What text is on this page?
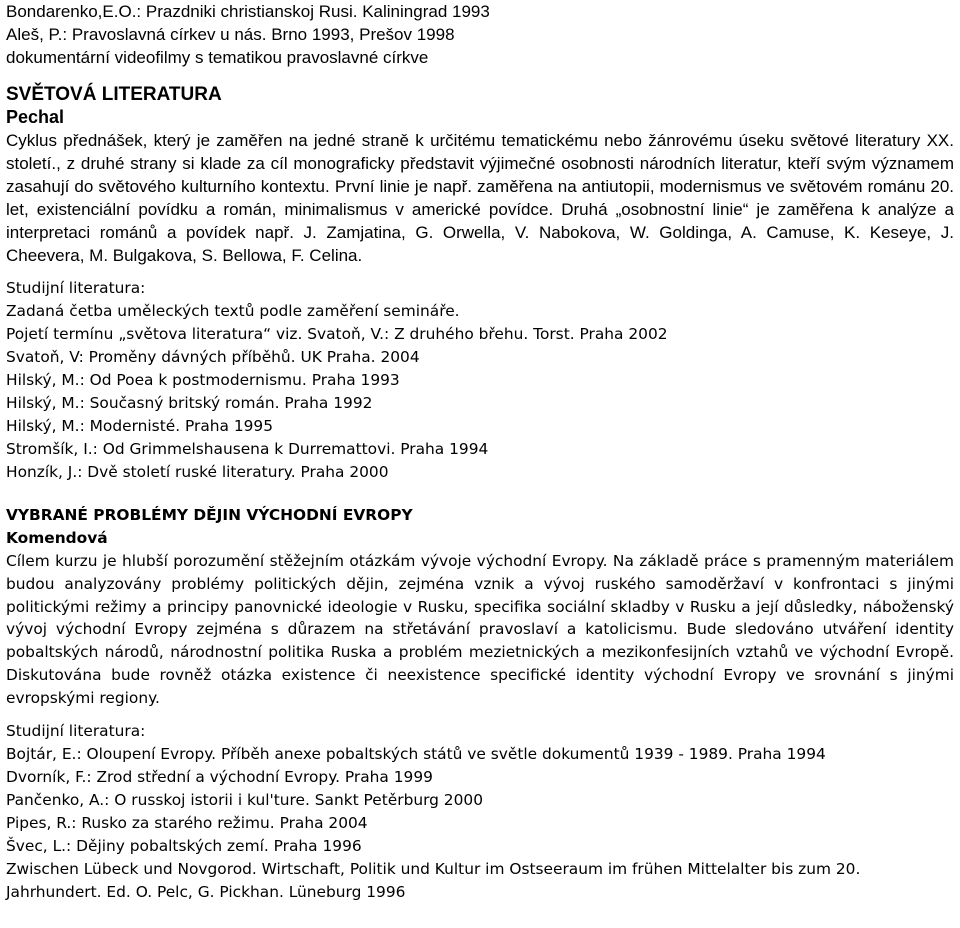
Bondarenko,E.O.: Prazdniki christianskoj Rusi. Kaliningrad 1993

Aleš, P.: Pravoslavná církev u nás. Brno 1993, Prešov 1998

dokumentární videofilmy s tematikou pravoslavné církve

SVĚTOVÁ LITERATURA
Pechal

Cyklus přednášek, který je zaměřen na jedné straně k určitému tematickému nebo žánrovému úseku světové literatury XX. století., z druhé strany si klade za cíl monograficky představit výjimečné osobnosti národních literatur, kteří svým významem zasahují do světového kulturního kontextu. První linie je např. zaměřena na antiutopii, modernismus ve světovém románu 20. let, existenciální povídku a román, minimalismus v americké povídce. Druhá „osobnostní linie“ je zaměřena k analýze a interpretaci románů a povídek např. J. Zamjatina, G. Orwella, V. Nabokova, W. Goldinga, A. Camuse, K. Keseye, J. Cheevera, M. Bulgakova, S. Bellowa, F. Celina.

Studijní literatura:

Zadaná četba uměleckých textů podle zaměření semináře.
Pojetí termínu „světova literatura“ viz. Svatoň, V.: Z druhého břehu. Torst. Praha 2002
Svatoň, V: Proměny dávných příběhů. UK Praha. 2004
Hilský, M.: Od Poea k postmodernismu. Praha 1993
Hilský, M.: Současný britský román. Praha 1992
Hilský, M.: Modernisté. Praha 1995
Stromšík, I.: Od Grimmelshausena k Durremattovi. Praha 1994
Honzík, J.: Dvě století ruské literatury. Praha 2000
VYBRANÉ PROBLÉMY DĚJIN VÝCHODNÍ EVROPY
Komendová

Cílem kurzu je hlubší porozumění stěžejním otázkám vývoje východní Evropy. Na základě práce s pramenným materiálem budou analyzovány problémy politických dějin, zejména vznik a vývoj ruského samoděržaví v konfrontaci s jinými politickými režimy a principy panovnické ideologie v Rusku, specifika sociální skladby v Rusku a její důsledky, náboženský vývoj východní Evropy zejména s důrazem na střetávání pravoslaví a katolicismu. Bude sledováno utváření identity pobaltských národů, národnostní politika Ruska a problém mezietnických a mezikonfesijních vztahů ve východní Evropě. Diskutována bude rovněž otázka existence či neexistence specifické identity východní Evropy ve srovnání s jinými evropskými regiony.

Studijní literatura:

Bojtár, E.: Oloupení Evropy. Příběh anexe pobaltských států ve světle dokumentů 1939 - 1989. Praha 1994
Dvorník, F.: Zrod střední a východní Evropy. Praha 1999
Pančenko, A.: O russkoj istorii i kul'ture. Sankt Petěrburg 2000
Pipes, R.: Rusko za starého režimu. Praha 2004
Švec, L.: Dějiny pobaltských zemí. Praha 1996
Zwischen Lübeck und Novgorod. Wirtschaft, Politik und Kultur im Ostseeraum im frühen Mittelalter bis zum 20. Jahrhundert. Ed. O. Pelc, G. Pickhan. Lüneburg 1996
